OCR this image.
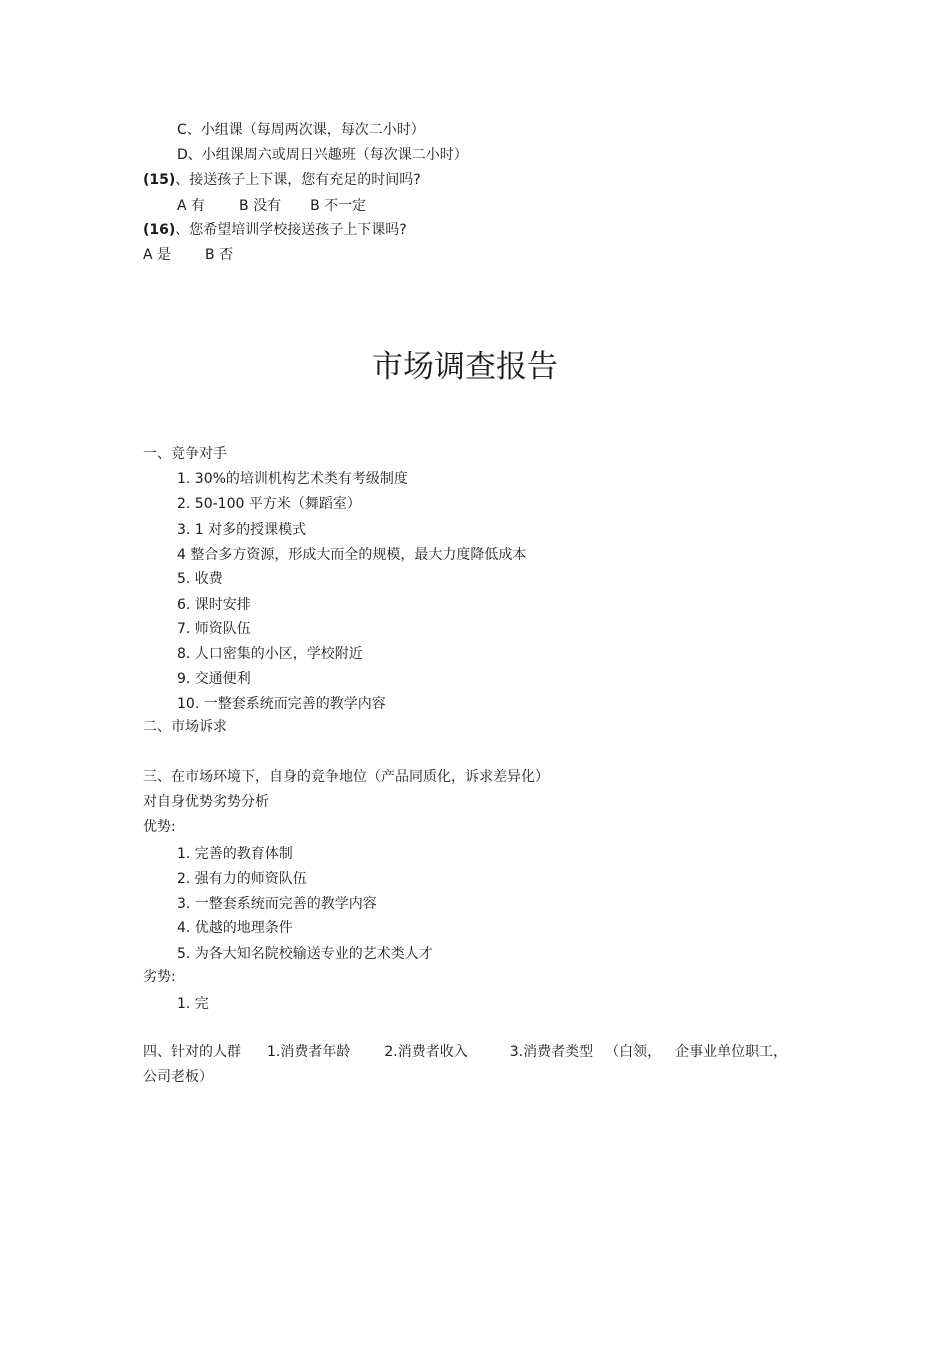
C、小组课（每周两次课，每次二小时）
D、小组课周六或周日兴趣班（每次课二小时）
(15)、接送孩子上下课，您有充足的时间吗?
A 有 B 没有 B 不一定
(16)、您希望培训学校接送孩子上下课吗?
A 是 B 否
市场调查报告
一、竞争对手
1. 30%的培训机构艺术类有考级制度
2. 50-100 平方米（舞蹈室）
3. 1 对多的授课模式
4 整合多方资源，形成大而全的规模，最大力度降低成本
5. 收费
6. 课时安排
7. 师资队伍
8. 人口密集的小区，学校附近
9. 交通便利
10. 一整套系统而完善的教学内容
二、市场诉求
三、在市场环境下，自身的竞争地位（产品同质化，诉求差异化）
对自身优势劣势分析
优势:
1. 完善的教育体制
2. 强有力的师资队伍
3. 一整套系统而完善的教学内容
4. 优越的地理条件
5. 为各大知名院校输送专业的艺术类人才
劣势:
1. 完
四、针对的人群 1.消费者年龄 2.消费者收入	3.消费者类型 （白领， 企事业单位职工，
公司老板）
